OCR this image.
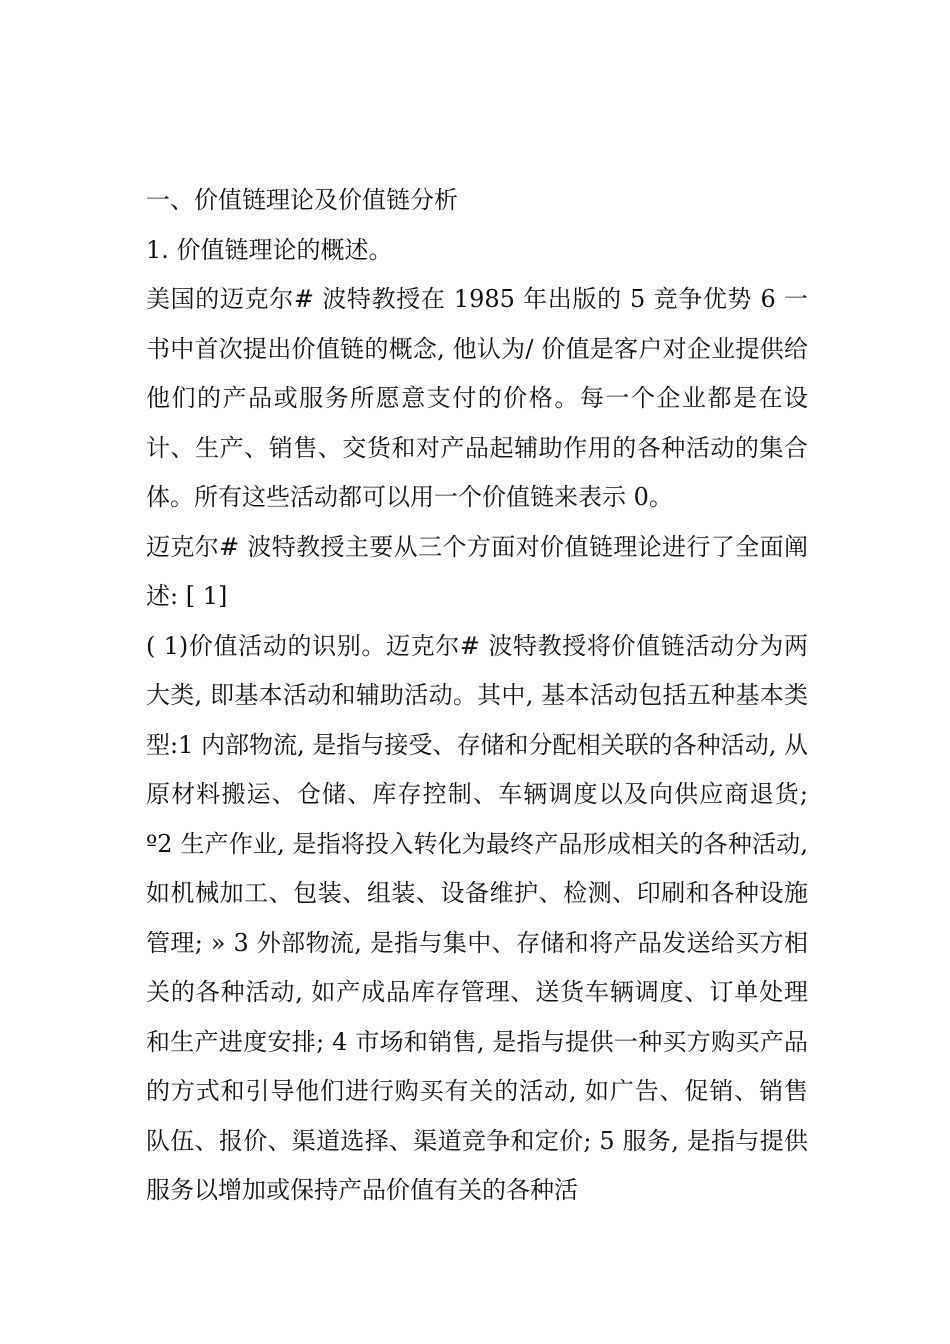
一、价值链理论及价值链分析

1. 价值链理论的概述。

美国的迈克尔# 波特教授在 1985 年出版的 5 竞争优势 6 一书中首次提出价值链的概念, 他认为/ 价值是客户对企业提供给他们的产品或服务所愿意支付的价格。每一个企业都是在设计、生产、销售、交货和对产品起辅助作用的各种活动的集合体。所有这些活动都可以用一个价值链来表示 0。

迈克尔# 波特教授主要从三个方面对价值链理论进行了全面阐述: [ 1]

( 1)价值活动的识别。迈克尔# 波特教授将价值链活动分为两大类, 即基本活动和辅助活动。其中, 基本活动包括五种基本类型:1 内部物流, 是指与接受、存储和分配相关联的各种活动, 从原材料搬运、仓储、库存控制、车辆调度以及向供应商退货; º2 生产作业, 是指将投入转化为最终产品形成相关的各种活动, 如机械加工、包装、组装、设备维护、检测、印刷和各种设施管理; » 3 外部物流, 是指与集中、存储和将产品发送给买方相关的各种活动, 如产成品库存管理、送货车辆调度、订单处理和生产进度安排; 4 市场和销售, 是指与提供一种买方购买产品的方式和引导他们进行购买有关的活动, 如广告、促销、销售队伍、报价、渠道选择、渠道竞争和定价; 5 服务, 是指与提供服务以增加或保持产品价值有关的各种活
